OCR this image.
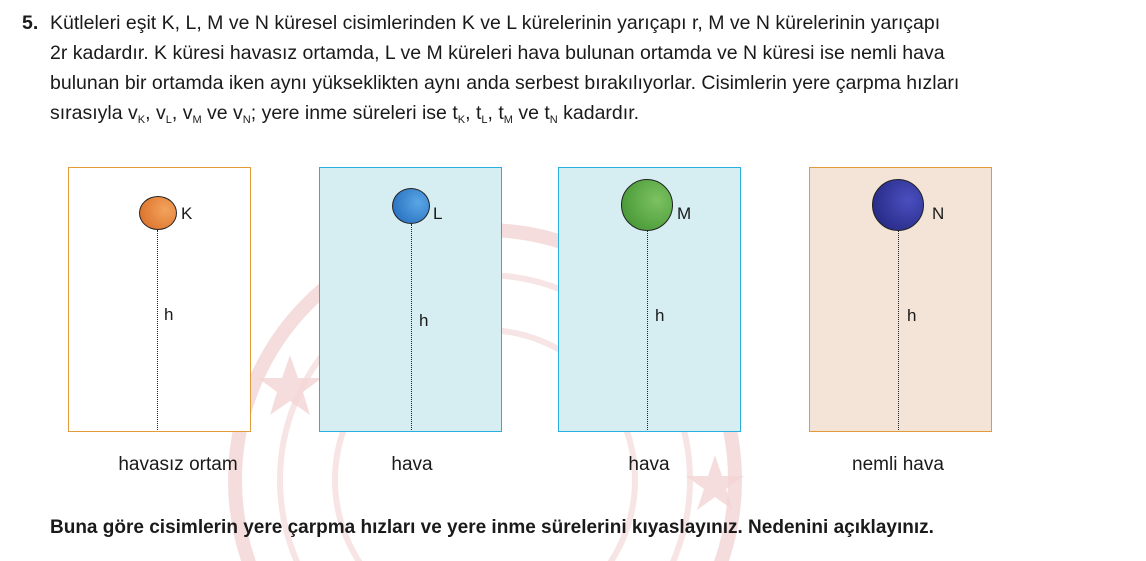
5. Kütleleri eşit K, L, M ve N küresel cisimlerinden K ve L kürelerinin yarıçapı r, M ve N kürelerinin yarıçapı
2r kadardır. K küresi havasız ortamda, L ve M küreleri hava bulunan ortamda ve N küresi ise nemli hava
bulunan bir ortamda iken aynı yükseklikten aynı anda serbest bırakılıyorlar. Cisimlerin yere çarpma hızları
sırasıyla $v_K$, $v_L$, $v_M$ ve $v_N$; yere inme süreleri ise $t_K$, $t_L$, $t_M$ ve $t_N$ kadardır.
K
h
L
h
M
h
N
h
havasız ortam	hava	hava	nemli hava
Buna göre cisimlerin yere çarpma hızları ve yere inme sürelerini kıyaslayınız. Nedenini açıklayınız.
